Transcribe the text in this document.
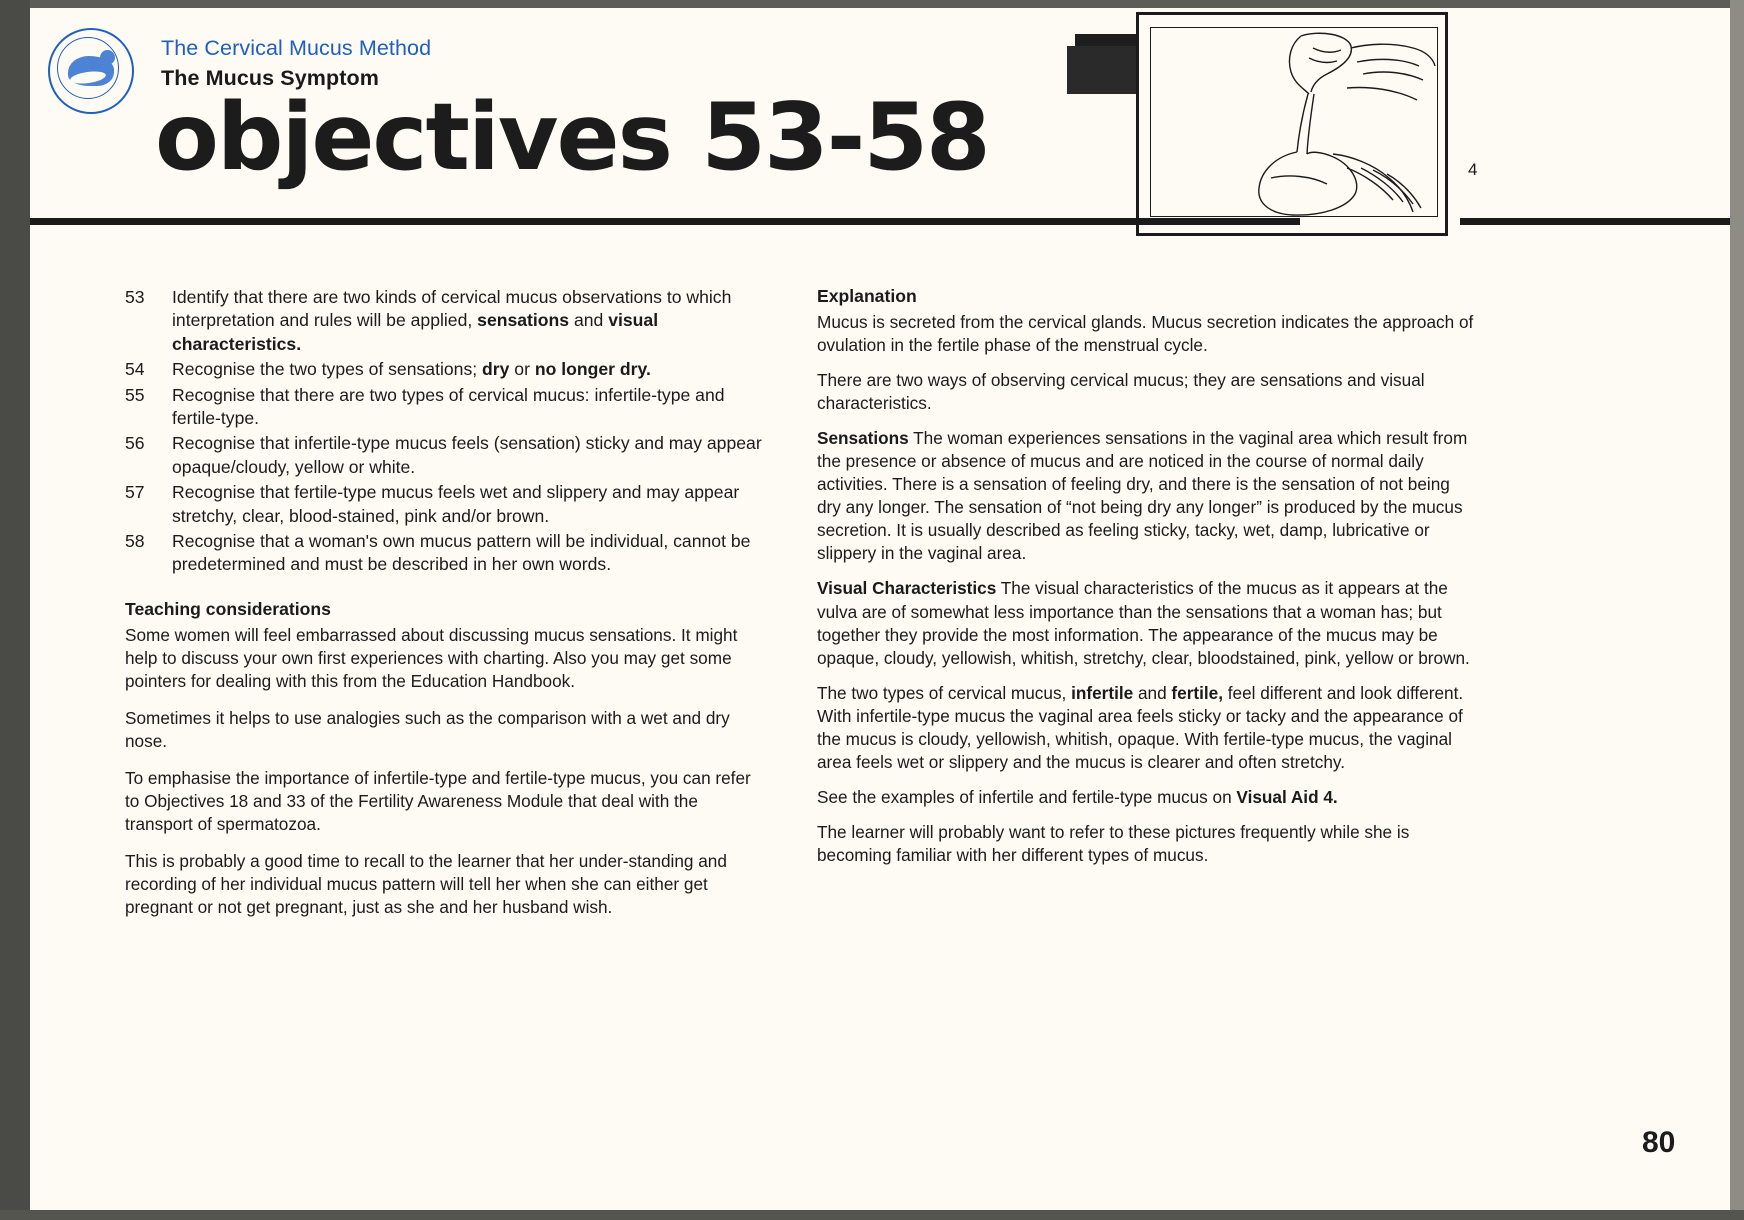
The Cervical Mucus Method
The Mucus Symptom
objectives 53-58	4
53	Identify that there are two kinds of cervical mucus observations to which interpretation and rules will be applied, sensations and visual characteristics.
54	Recognise the two types of sensations; dry or no longer dry.
55	Recognise that there are two types of cervical mucus: infertile-type and fertile-type.
56	Recognise that infertile-type mucus feels (sensation) sticky and may appear opaque/cloudy, yellow or white.
57	Recognise that fertile-type mucus feels wet and slippery and may appear stretchy, clear, blood-stained, pink and/or brown.
58	Recognise that a woman's own mucus pattern will be individual, cannot be predetermined and must be described in her own words.
Teaching considerations

Some women will feel embarrassed about discussing mucus sensations. It might help to discuss your own first experiences with charting. Also you may get some pointers for dealing with this from the Education Handbook.

Sometimes it helps to use analogies such as the comparison with a wet and dry nose.

To emphasise the importance of infertile-type and fertile-type mucus, you can refer to Objectives 18 and 33 of the Fertility Awareness Module that deal with the transport of spermatozoa.

This is probably a good time to recall to the learner that her under-standing and recording of her individual mucus pattern will tell her when she can either get pregnant or not get pregnant, just as she and her husband wish.

Explanation

Mucus is secreted from the cervical glands. Mucus secretion indicates the approach of ovulation in the fertile phase of the menstrual cycle.

There are two ways of observing cervical mucus; they are sensations and visual characteristics.

Sensations The woman experiences sensations in the vaginal area which result from the presence or absence of mucus and are noticed in the course of normal daily activities. There is a sensation of feeling dry, and there is the sensation of not being dry any longer. The sensation of “not being dry any longer” is produced by the mucus secretion. It is usually described as feeling sticky, tacky, wet, damp, lubricative or slippery in the vaginal area.

Visual Characteristics The visual characteristics of the mucus as it appears at the vulva are of somewhat less importance than the sensations that a woman has; but together they provide the most information. The appearance of the mucus may be opaque, cloudy, yellowish, whitish, stretchy, clear, bloodstained, pink, yellow or brown.

The two types of cervical mucus, infertile and fertile, feel different and look different. With infertile-type mucus the vaginal area feels sticky or tacky and the appearance of the mucus is cloudy, yellowish, whitish, opaque. With fertile-type mucus, the vaginal area feels wet or slippery and the mucus is clearer and often stretchy.

See the examples of infertile and fertile-type mucus on Visual Aid 4.

The learner will probably want to refer to these pictures frequently while she is becoming familiar with her different types of mucus.

80
